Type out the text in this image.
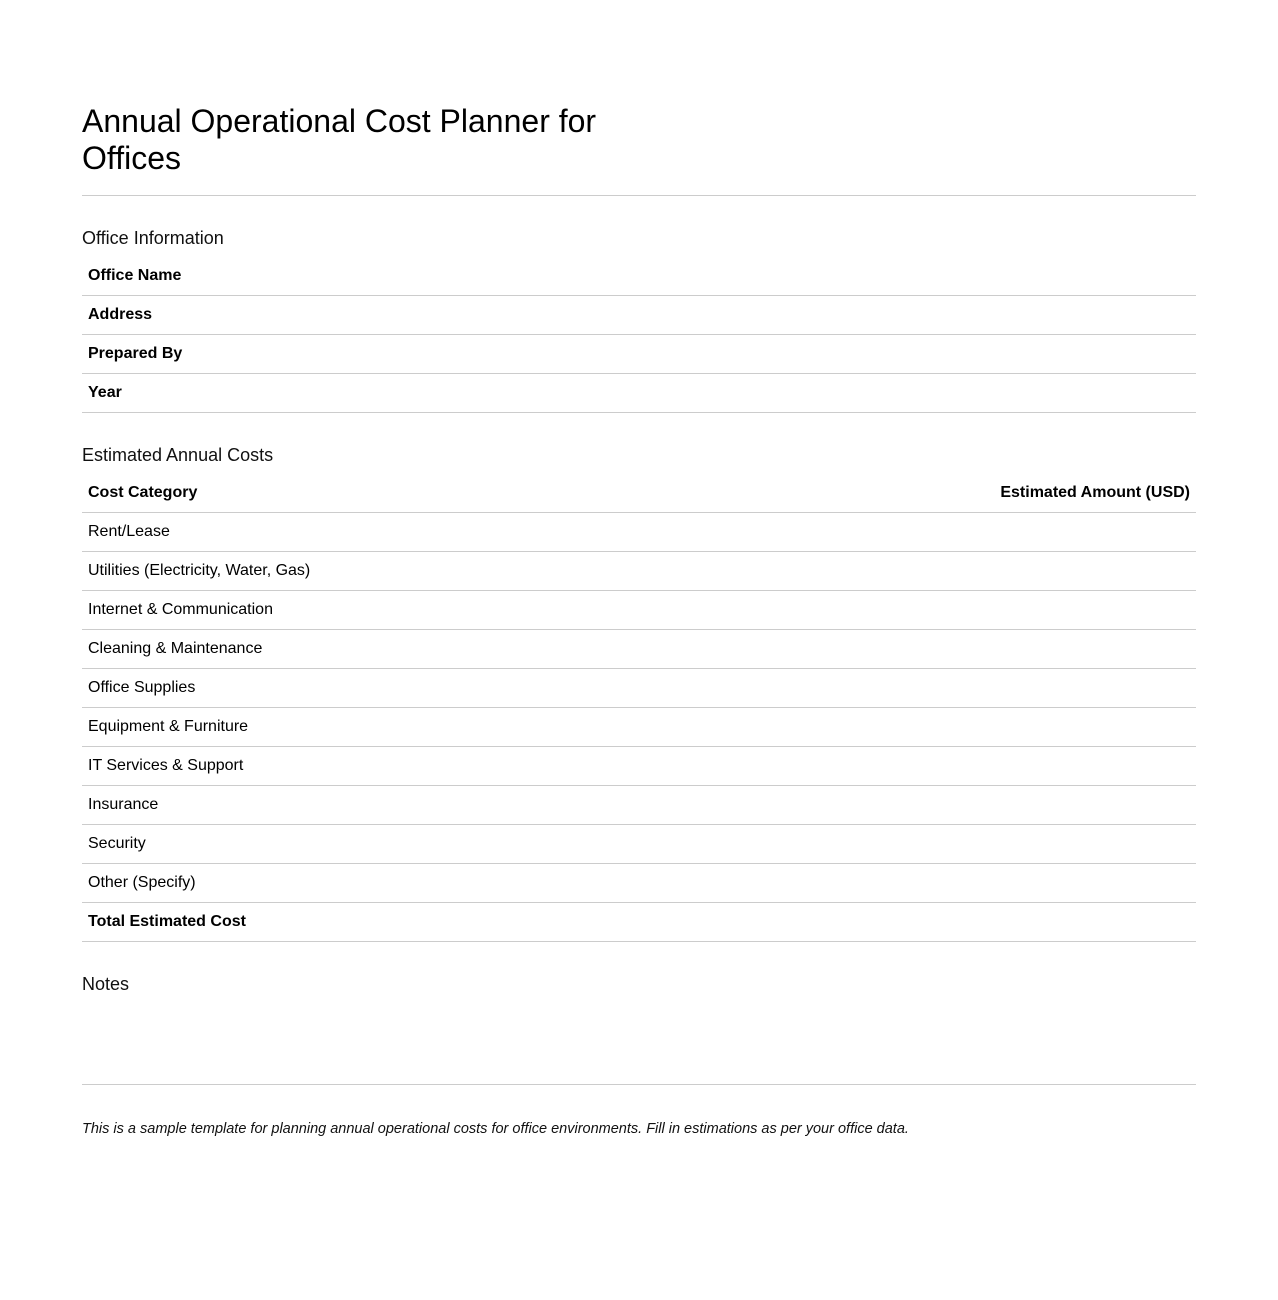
Annual Operational Cost Planner for Offices
Office Information
Office Name	
Address	
Prepared By	
Year	
Estimated Annual Costs
Cost Category	Estimated Amount (USD)
Rent/Lease	
Utilities (Electricity, Water, Gas)	
Internet & Communication	
Cleaning & Maintenance	
Office Supplies	
Equipment & Furniture	
IT Services & Support	
Insurance	
Security	
Other (Specify)	
Total Estimated Cost	
Notes
This is a sample template for planning annual operational costs for office environments. Fill in estimations as per your office data.
